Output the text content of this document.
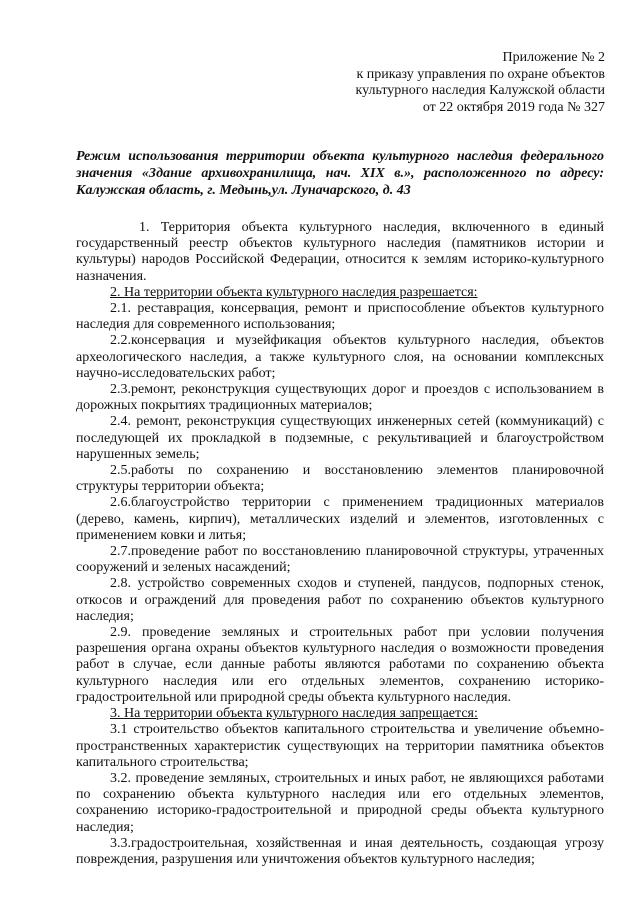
Приложение № 2
к приказу управления по охране объектов
культурного наследия Калужской области
от 22 октября 2019 года № 327
Режим использования территории объекта культурного наследия федерального значения «Здание архивохранилища, нач. XIX в.», расположенного по адресу: Калужская область, г. Медынь,ул. Луначарского, д. 43

1. Территория объекта культурного наследия, включенного в единый государственный реестр объектов культурного наследия (памятников истории и культуры) народов Российской Федерации, относится к землям историко-культурного назначения.

2. На территории объекта культурного наследия разрешается:

2.1. реставрация, консервация, ремонт и приспособление объектов культурного наследия для современного использования;

2.2.консервация и музейфикация объектов культурного наследия, объектов археологического наследия, а также культурного слоя, на основании комплексных научно-исследовательских работ;

2.3.ремонт, реконструкция существующих дорог и проездов с использованием в дорожных покрытиях традиционных материалов;

2.4. ремонт, реконструкция существующих инженерных сетей (коммуникаций) с последующей их прокладкой в подземные, с рекультивацией и благоустройством нарушенных земель;

2.5.работы по сохранению и восстановлению элементов планировочной структуры территории объекта;

2.6.благоустройство территории с применением традиционных материалов (дерево, камень, кирпич), металлических изделий и элементов, изготовленных с применением ковки и литья;

2.7.проведение работ по восстановлению планировочной структуры, утраченных сооружений и зеленых насаждений;

2.8. устройство современных сходов и ступеней, пандусов, подпорных стенок, откосов и ограждений для проведения работ по сохранению объектов культурного наследия;

2.9. проведение земляных и строительных работ при условии получения разрешения органа охраны объектов культурного наследия о возможности проведения работ в случае, если данные работы являются работами по сохранению объекта культурного наследия или его отдельных элементов, сохранению историко-градостроительной или природной среды объекта культурного наследия.

3. На территории объекта культурного наследия запрещается:

3.1 строительство объектов капитального строительства и увеличение объемно-пространственных характеристик существующих на территории памятника объектов капитального строительства;

3.2. проведение земляных, строительных и иных работ, не являющихся работами по сохранению объекта культурного наследия или его отдельных элементов, сохранению историко-градостроительной и природной среды объекта культурного наследия;

3.3.градостроительная, хозяйственная и иная деятельность, создающая угрозу повреждения, разрушения или уничтожения объектов культурного наследия;
